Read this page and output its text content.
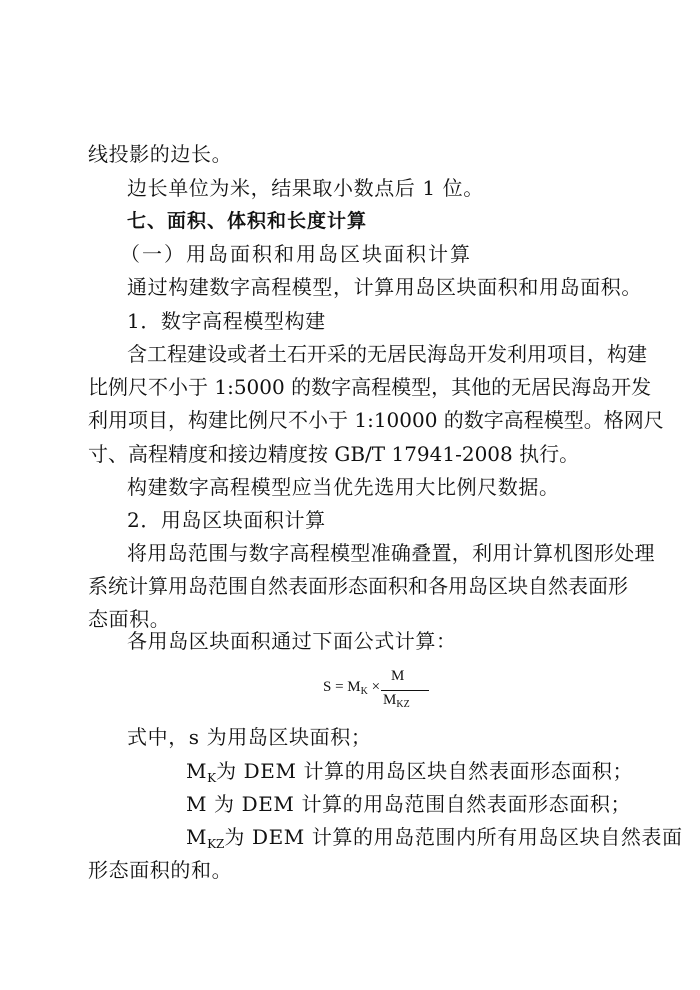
线投影的边长。
边长单位为米，结果取小数点后 1 位。
七、面积、体积和长度计算
（一）用岛面积和用岛区块面积计算
通过构建数字高程模型，计算用岛区块面积和用岛面积。
1．数字高程模型构建
含工程建设或者土石开采的无居民海岛开发利用项目，构建
比例尺不小于 1:5000 的数字高程模型，其他的无居民海岛开发
利用项目，构建比例尺不小于 1:10000 的数字高程模型。格网尺
寸、高程精度和接边精度按 GB/T 17941-2008 执行。
构建数字高程模型应当优先选用大比例尺数据。
2．用岛区块面积计算
将用岛范围与数字高程模型准确叠置，利用计算机图形处理
系统计算用岛范围自然表面形态面积和各用岛区块自然表面形
态面积。
各用岛区块面积通过下面公式计算：
$S = M_K$ ×
M
$M_{KZ}$
式中，s 为用岛区块面积；
$M_K$为 DEM 计算的用岛区块自然表面形态面积；
M 为 DEM 计算的用岛范围自然表面形态面积；
$M_{KZ}$为 DEM 计算的用岛范围内所有用岛区块自然表面
形态面积的和。
